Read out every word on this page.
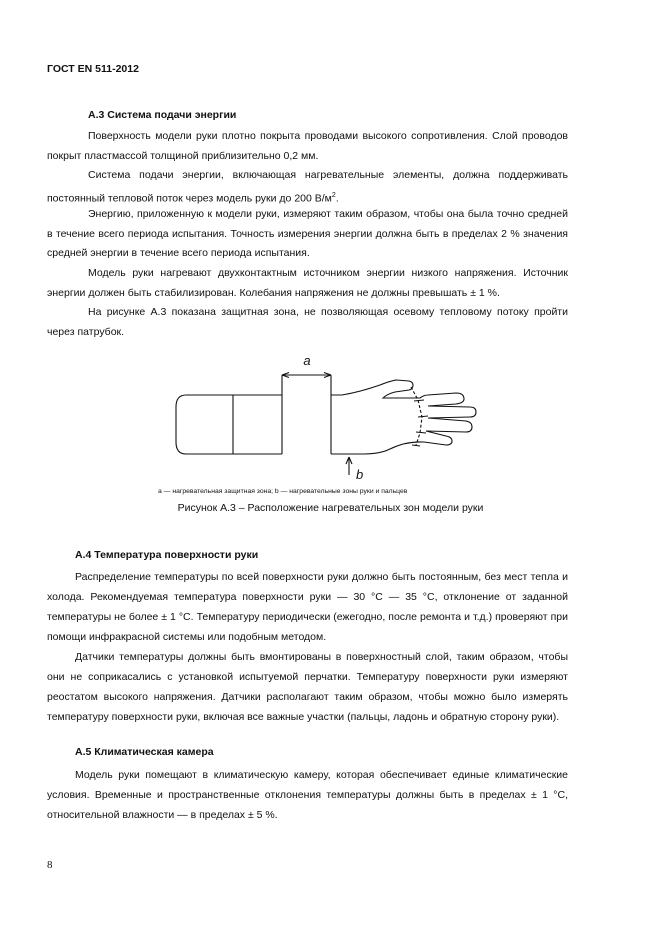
ГОСТ EN 511-2012
А.3 Система подачи энергии
Поверхность модели руки плотно покрыта проводами высокого сопротивления. Слой проводов покрыт пластмассой толщиной приблизительно 0,2 мм.
Система подачи энергии, включающая нагревательные элементы, должна поддерживать постоянный тепловой поток через модель руки до 200 $В/м^2$.
Энергию, приложенную к модели руки, измеряют таким образом, чтобы она была точно средней в течение всего периода испытания. Точность измерения энергии должна быть в пределах 2 % значения средней энергии в течение всего периода испытания.
Модель руки нагревают двухконтактным источником энергии низкого напряжения. Источник энергии должен быть стабилизирован. Колебания напряжения не должны превышать ± 1 %.
На рисунке А.3 показана защитная зона, не позволяющая осевому тепловому потоку пройти через патрубок.
a
b
a — нагревательная защитная зона; b — нагревательные зоны руки и пальцев
Рисунок А.3 – Расположение нагревательных зон модели руки
А.4 Температура поверхности руки
Распределение температуры по всей поверхности руки должно быть постоянным, без мест тепла и холода. Рекомендуемая температура поверхности руки — 30 °С — 35 °С, отклонение от заданной температуры не более ± 1 °С. Температуру периодически (ежегодно, после ремонта и т.д.) проверяют при помощи инфракрасной системы или подобным методом.
Датчики температуры должны быть вмонтированы в поверхностный слой, таким образом, чтобы они не соприкасались с установкой испытуемой перчатки. Температуру поверхности руки измеряют реостатом высокого напряжения. Датчики располагают таким образом, чтобы можно было измерять температуру поверхности руки, включая все важные участки (пальцы, ладонь и обратную сторону руки).
А.5 Климатическая камера
Модель руки помещают в климатическую камеру, которая обеспечивает единые климатические условия. Временные и пространственные отклонения температуры должны быть в пределах ± 1 °С, относительной влажности — в пределах ± 5 %.
8
